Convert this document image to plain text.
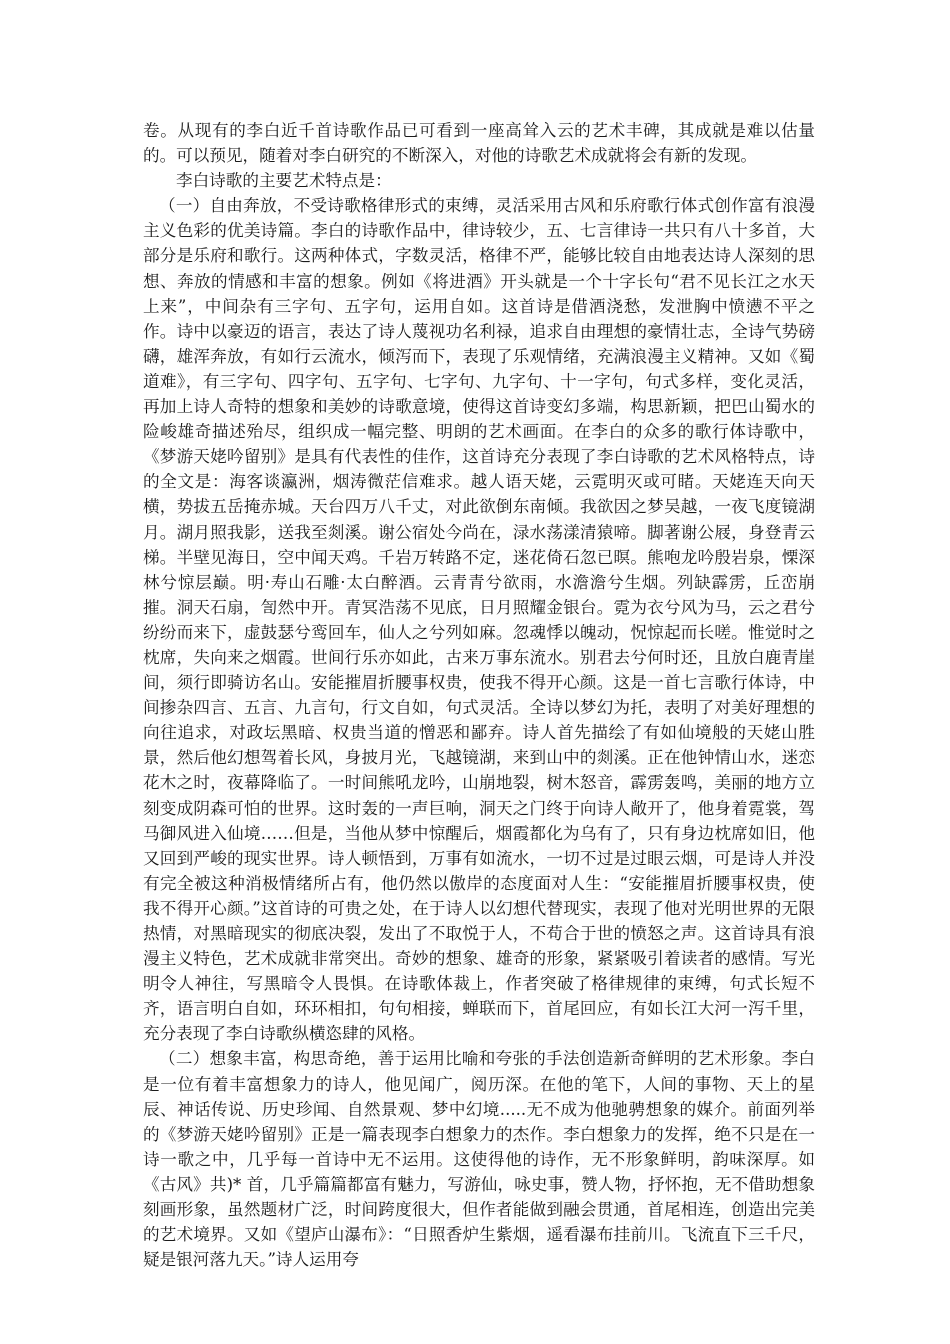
卷。从现有的李白近千首诗歌作品已可看到一座高耸入云的艺术丰碑，其成就是难以估量的。可以预见，随着对李白研究的不断深入，对他的诗歌艺术成就将会有新的发现。

李白诗歌的主要艺术特点是：

（一）自由奔放，不受诗歌格律形式的束缚，灵活采用古风和乐府歌行体式创作富有浪漫主义色彩的优美诗篇。李白的诗歌作品中，律诗较少，五、七言律诗一共只有八十多首，大部分是乐府和歌行。这两种体式，字数灵活，格律不严，能够比较自由地表达诗人深刻的思想、奔放的情感和丰富的想象。例如《将进酒》开头就是一个十字长句“君不见长江之水天上来”，中间杂有三字句、五字句，运用自如。这首诗是借酒浇愁，发泄胸中愤懑不平之作。诗中以豪迈的语言，表达了诗人蔑视功名利禄，追求自由理想的豪情壮志，全诗气势磅礴，雄浑奔放，有如行云流水，倾泻而下，表现了乐观情绪，充满浪漫主义精神。又如《蜀道难》，有三字句、四字句、五字句、七字句、九字句、十一字句，句式多样，变化灵活，再加上诗人奇特的想象和美妙的诗歌意境，使得这首诗变幻多端，构思新颖，把巴山蜀水的险峻雄奇描述殆尽，组织成一幅完整、明朗的艺术画面。在李白的众多的歌行体诗歌中，《梦游天姥吟留别》是具有代表性的佳作，这首诗充分表现了李白诗歌的艺术风格特点，诗的全文是：海客谈瀛洲，烟涛微茫信难求。越人语天姥，云霓明灭或可睹。天姥连天向天横，势拔五岳掩赤城。天台四万八千丈，对此欲倒东南倾。我欲因之梦吴越，一夜飞度镜湖月。湖月照我影，送我至剡溪。谢公宿处今尚在，渌水荡漾清猿啼。脚著谢公屐，身登青云梯。半壁见海日，空中闻天鸡。千岩万转路不定，迷花倚石忽已暝。熊咆龙吟殷岩泉，慄深林兮惊层巅。明·寿山石雕·太白醉酒。云青青兮欲雨，水澹澹兮生烟。列缺霹雳，丘峦崩摧。洞天石扇，訇然中开。青冥浩荡不见底，日月照耀金银台。霓为衣兮风为马，云之君兮纷纷而来下，虚鼓瑟兮鸾回车，仙人之兮列如麻。忽魂悸以魄动，怳惊起而长嗟。惟觉时之枕席，失向来之烟霞。世间行乐亦如此，古来万事东流水。别君去兮何时还，且放白鹿青崖间，须行即骑访名山。安能摧眉折腰事权贵，使我不得开心颜。这是一首七言歌行体诗，中间掺杂四言、五言、九言句，行文自如，句式灵活。全诗以梦幻为托，表明了对美好理想的向往追求，对政坛黑暗、权贵当道的憎恶和鄙弃。诗人首先描绘了有如仙境般的天姥山胜景，然后他幻想驾着长风，身披月光，飞越镜湖，来到山中的剡溪。正在他钟情山水，迷恋花木之时，夜幕降临了。一时间熊吼龙吟，山崩地裂，树木怒音，霹雳轰鸣，美丽的地方立刻变成阴森可怕的世界。这时轰的一声巨响，洞天之门终于向诗人敞开了，他身着霓裳，驾马御风进入仙境……但是，当他从梦中惊醒后，烟霞都化为乌有了，只有身边枕席如旧，他又回到严峻的现实世界。诗人顿悟到，万事有如流水，一切不过是过眼云烟，可是诗人并没有完全被这种消极情绪所占有，他仍然以傲岸的态度面对人生：“安能摧眉折腰事权贵，使我不得开心颜。”这首诗的可贵之处，在于诗人以幻想代替现实，表现了他对光明世界的无限热情，对黑暗现实的彻底决裂，发出了不取悦于人，不苟合于世的愤怒之声。这首诗具有浪漫主义特色，艺术成就非常突出。奇妙的想象、雄奇的形象，紧紧吸引着读者的感情。写光明令人神往，写黑暗令人畏惧。在诗歌体裁上，作者突破了格律规律的束缚，句式长短不齐，语言明白自如，环环相扣，句句相接，蝉联而下，首尾回应，有如长江大河一泻千里，充分表现了李白诗歌纵横恣肆的风格。

（二）想象丰富，构思奇绝，善于运用比喻和夸张的手法创造新奇鲜明的艺术形象。李白是一位有着丰富想象力的诗人，他见闻广，阅历深。在他的笔下，人间的事物、天上的星辰、神话传说、历史珍闻、自然景观、梦中幻境.....无不成为他驰骋想象的媒介。前面列举的《梦游天姥吟留别》正是一篇表现李白想象力的杰作。李白想象力的发挥，绝不只是在一诗一歌之中，几乎每一首诗中无不运用。这使得他的诗作，无不形象鲜明，韵味深厚。如《古风》共)* 首，几乎篇篇都富有魅力，写游仙，咏史事，赞人物，抒怀抱，无不借助想象刻画形象，虽然题材广泛，时间跨度很大，但作者能做到融会贯通，首尾相连，创造出完美的艺术境界。又如《望庐山瀑布》：“日照香炉生紫烟，遥看瀑布挂前川。飞流直下三千尺，疑是银河落九天。”诗人运用夸
